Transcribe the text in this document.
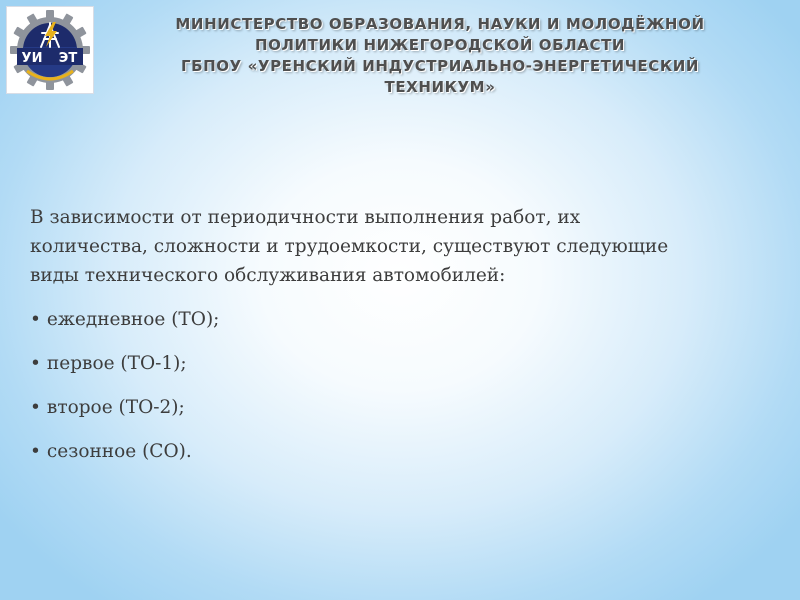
УИ ЭТ
МИНИСТЕРСТВО ОБРАЗОВАНИЯ, НАУКИ И МОЛОДЁЖНОЙ
ПОЛИТИКИ НИЖЕГОРОДСКОЙ ОБЛАСТИ
ГБПОУ «УРЕНСКИЙ ИНДУСТРИАЛЬНО-ЭНЕРГЕТИЧЕСКИЙ
ТЕХНИКУМ»

В зависимости от периодичности выполнения работ, их
количества, сложности и трудоемкости, существуют следующие
виды технического обслуживания автомобилей:

• ежедневное (ТО);
• первое (ТО-1);
• второе (ТО-2);
• сезонное (СО).
